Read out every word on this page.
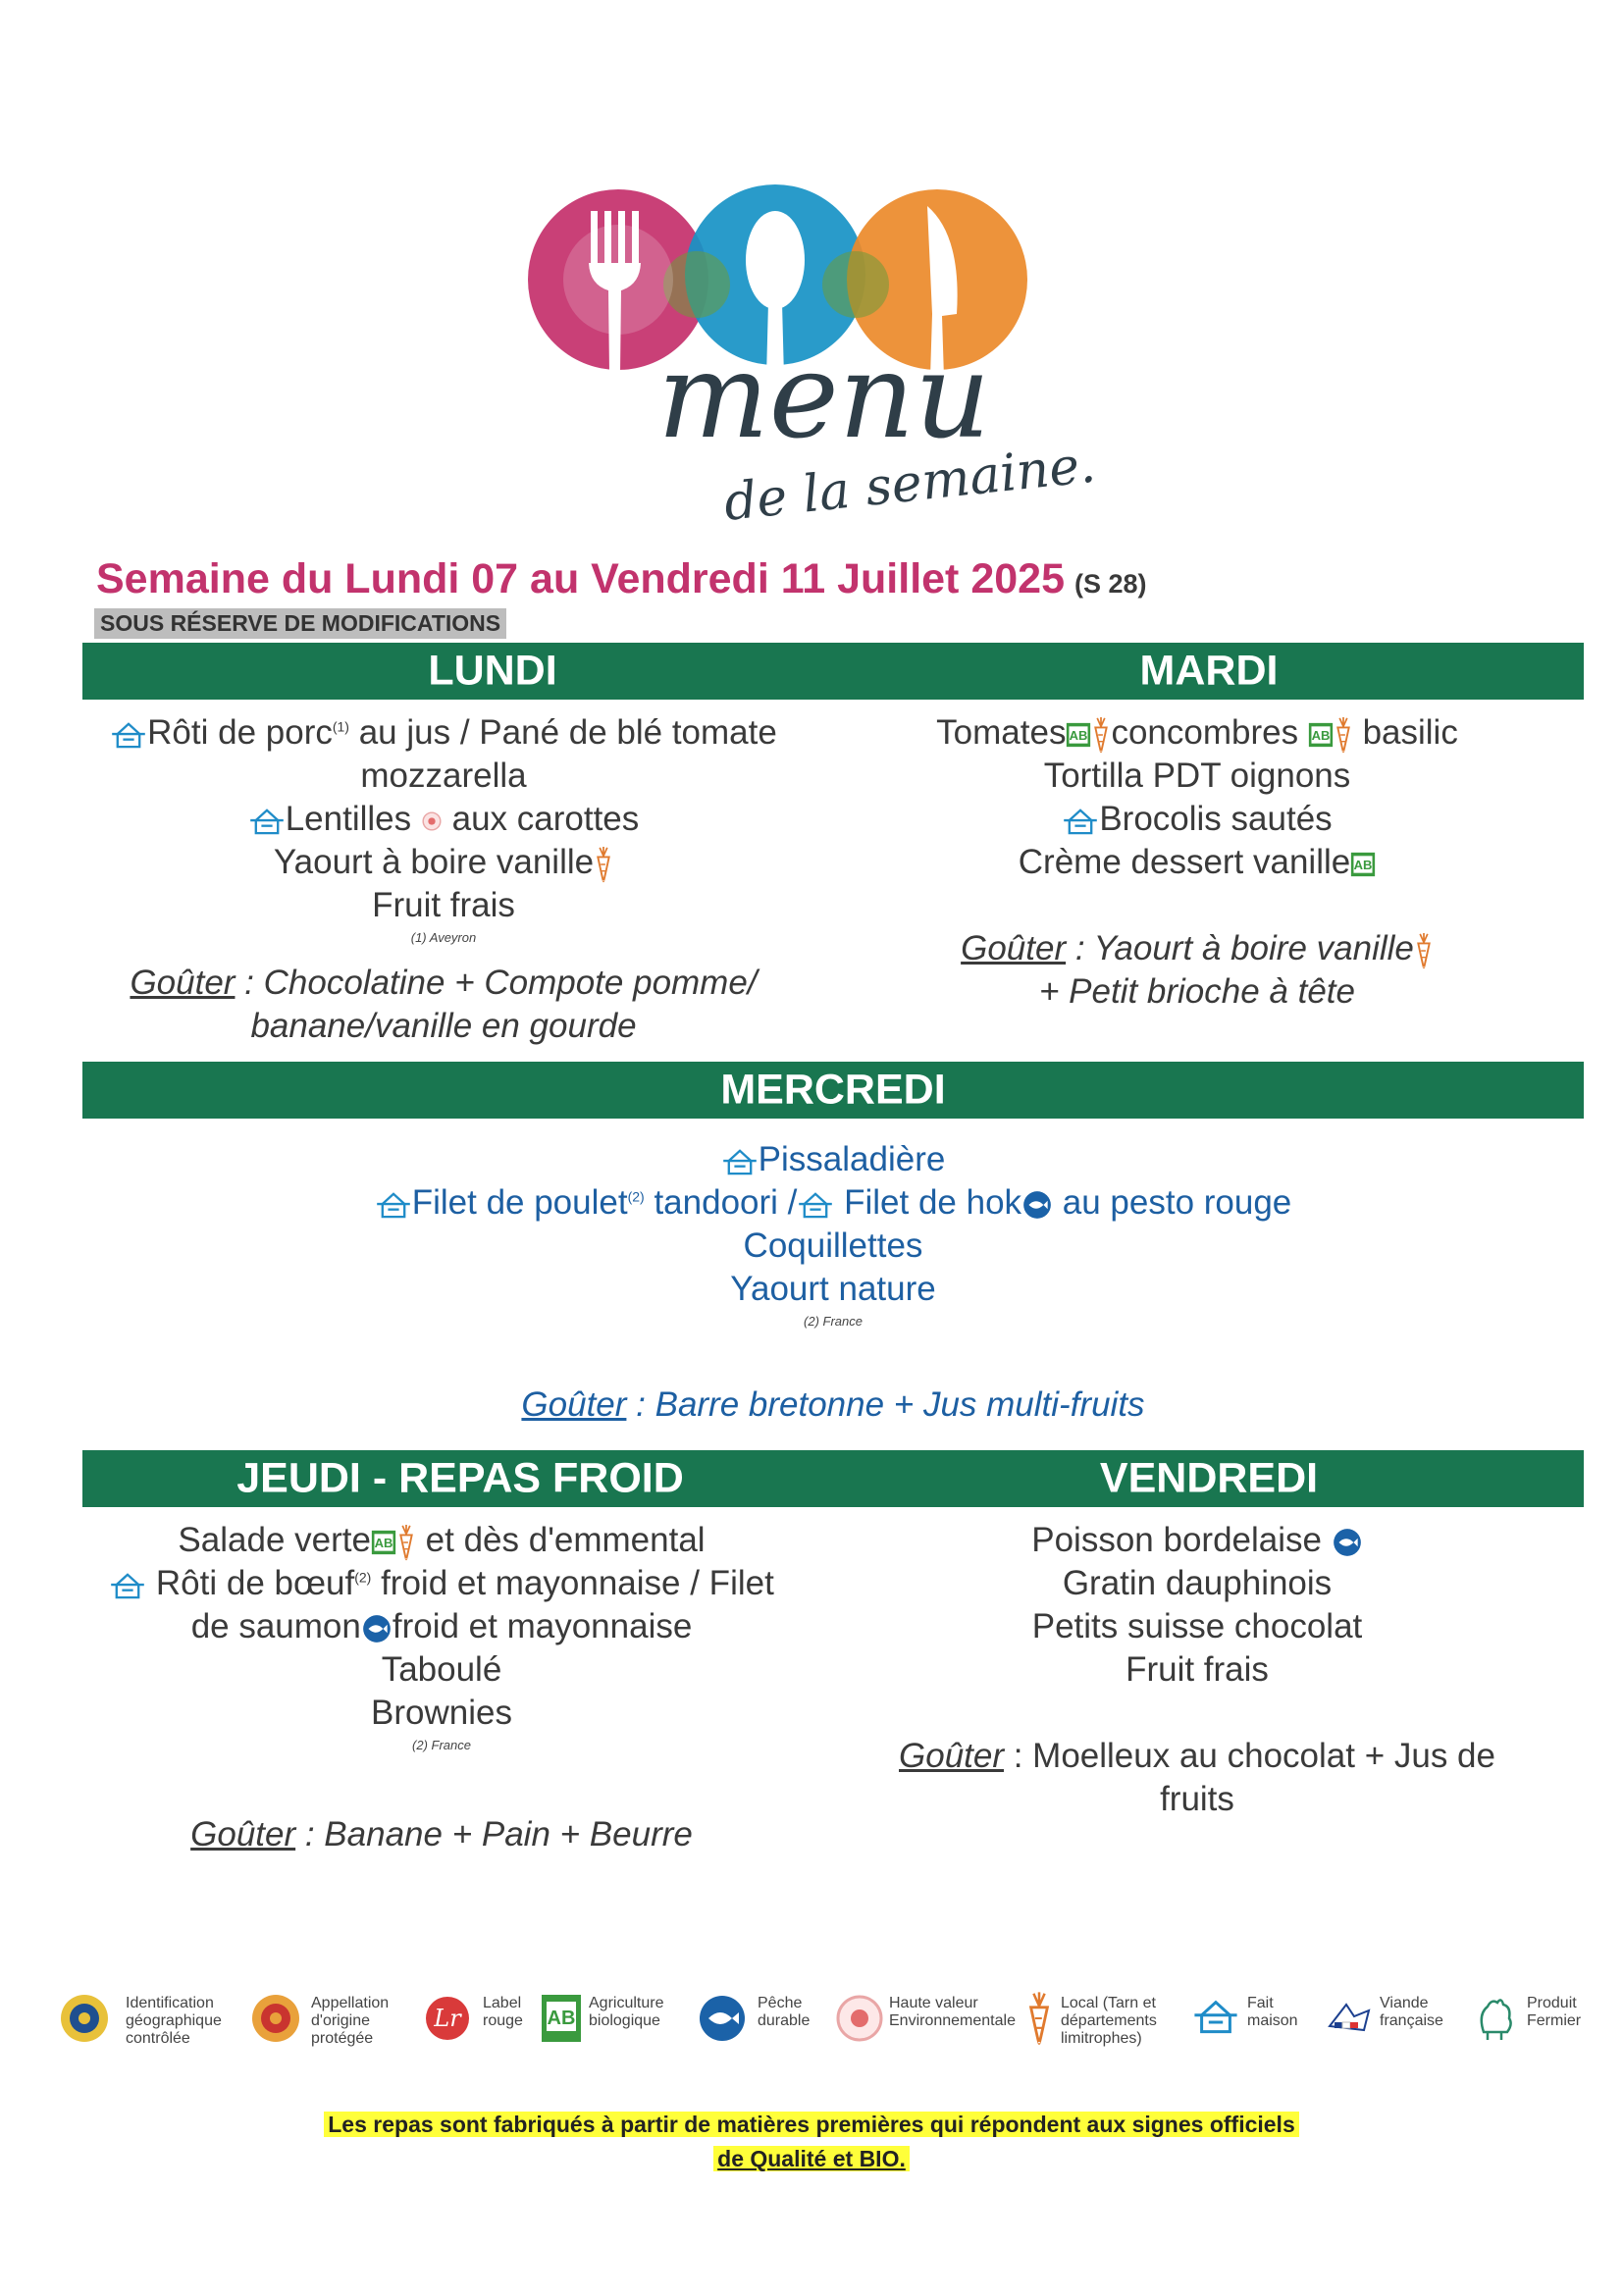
menu
de la semaine.
Semaine du Lundi 07 au Vendredi 11 Juillet 2025 (S 28)
SOUS RÉSERVE DE MODIFICATIONS
LUNDI	MARDI
Rôti de porc$^{(1)}$ au jus / Pané de blé tomate
mozzarella
Lentilles aux carottes
Yaourt à boire vanille
Fruit frais
(1) Aveyron
Goûter : Chocolatine + Compote pomme/
banane/vanille en gourde
Tomates concombres basilic
Tortilla PDT oignons
Brocolis sautés
Crème dessert vanille
Goûter : Yaourt à boire vanille
+ Petit brioche à tête
MERCREDI
Pissaladière
Filet de poulet$^{(2)}$ tandoori /
Filet de hok
au pesto rouge
Coquillettes
Yaourt nature
(2) France
Goûter : Barre bretonne + Jus multi-fruits
JEUDI - REPAS FROID	VENDREDI
Salade verte
et dès d'emmental
Rôti de bœuf$^{(2)}$ froid et mayonnaise / Filet
de saumon froid et mayonnaise
Taboulé
Brownies
(2) France
Goûter : Banane + Pain + Beurre
Poisson bordelaise
Gratin dauphinois
Petits suisse chocolat
Fruit frais
Goûter : Moelleux au chocolat + Jus de
fruits
Identification géographique contrôlée
Appellation d'origine protégée
Lr
Label rouge	AB
Agriculture biologique
Pêche durable
Haute valeur Environnementale
Local (Tarn et départements limitrophes)
Fait maison
Viande française
Produit Fermier
Les repas sont fabriqués à partir de matières premières qui répondent aux signes officiels
de Qualité et BIO.
